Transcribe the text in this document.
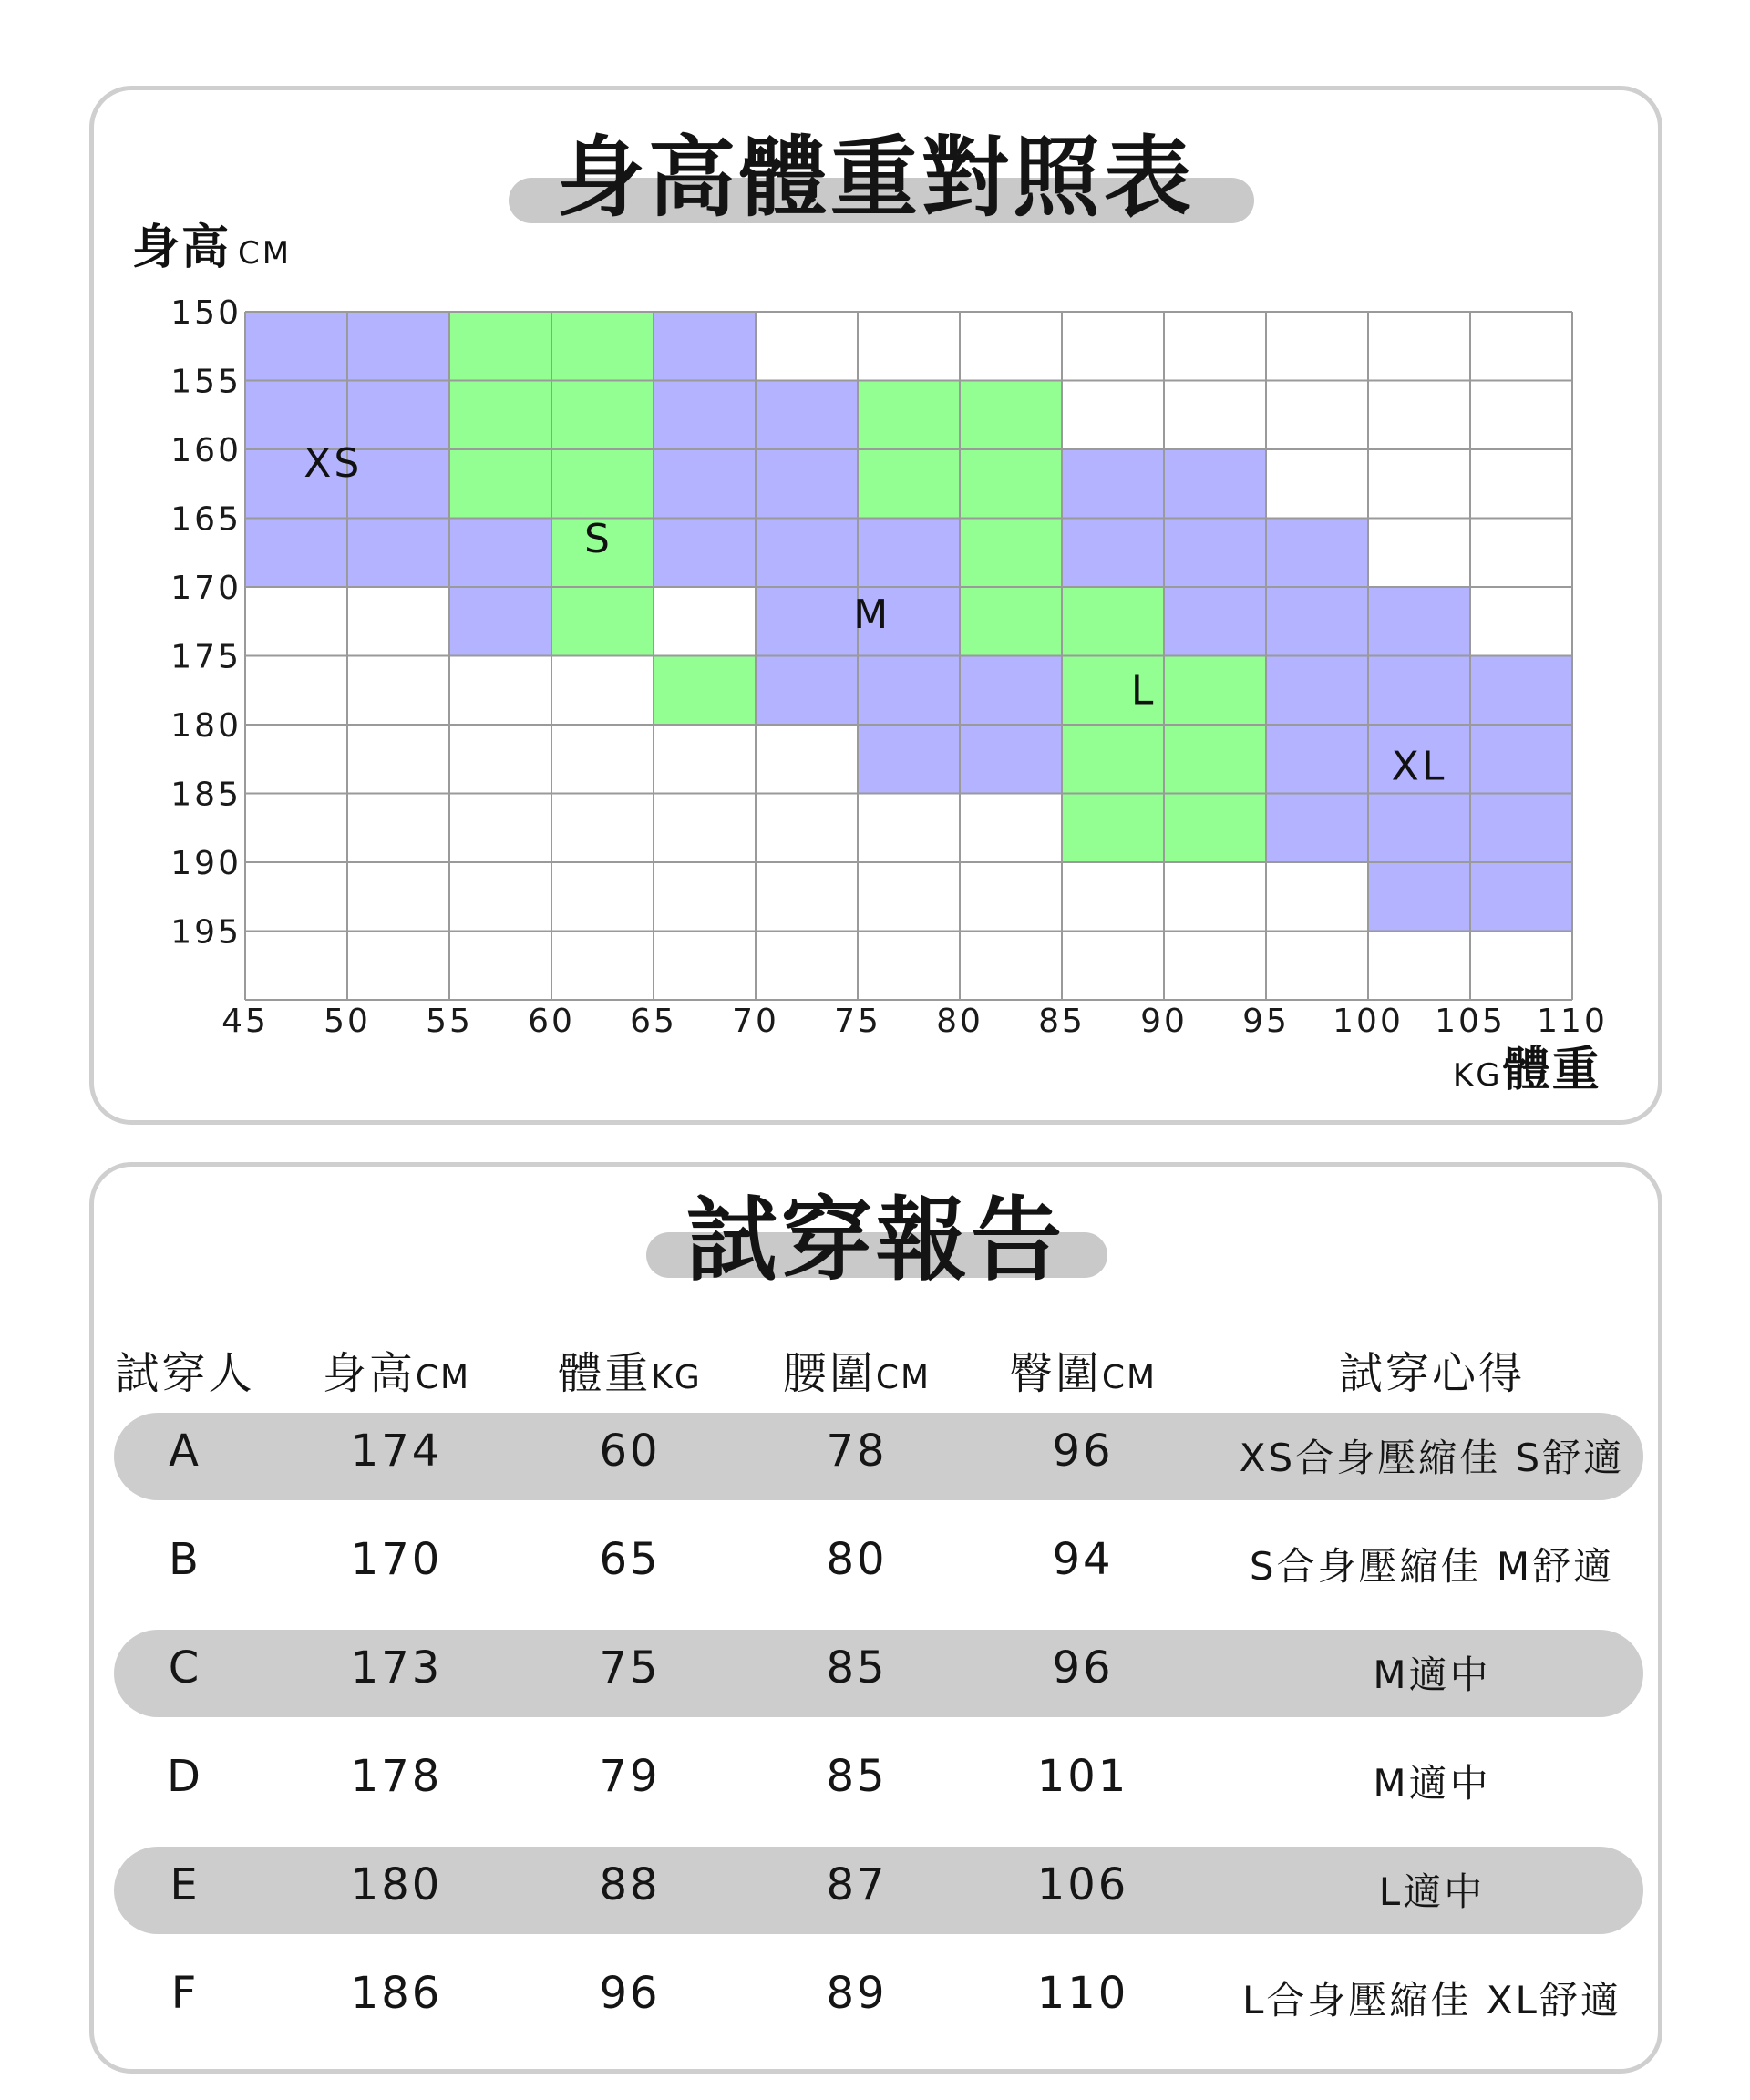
身高體重對照表
身高 CM
150
155
160
165
170
175
180
185
190
195
45 50 55 60 65 70 75 80 85 90 95 100 105 110
XS
S
M
L
XL
KG體重
試穿報告
試穿人 身高CM 體重KG 腰圍CM 臀圍CM	試穿心得
A	174	60	78	96	XS合身壓縮佳 S舒適
B	170	65	80	94	S合身壓縮佳 M舒適
C	173	75	85	96	M適中
D	178	79	85	101	M適中
E	180	88	87	106	L適中
F	186	96	89	110	L合身壓縮佳 XL舒適
